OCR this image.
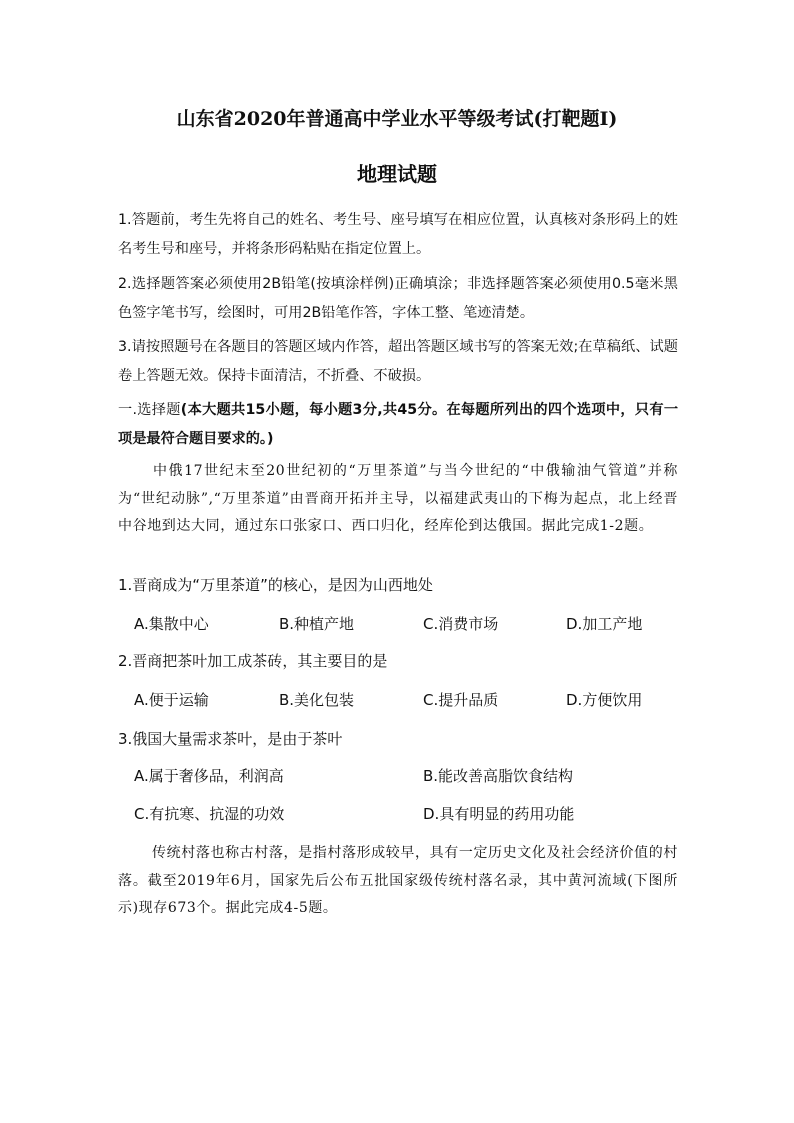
山东省2020年普通高中学业水平等级考试(打靶题Ⅰ)
地理试题
1.答题前，考生先将自己的姓名、考生号、座号填写在相应位置，认真核对条形码上的姓名考生号和座号，并将条形码粘贴在指定位置上。
2.选择题答案必须使用2B铅笔(按填涂样例)正确填涂；非选择题答案必须使用0.5毫米黑色签字笔书写，绘图时，可用2B铅笔作答，字体工整、笔迹清楚。
3.请按照题号在各题目的答题区域内作答，超出答题区域书写的答案无效;在草稿纸、试题卷上答题无效。保持卡面清洁，不折叠、不破损。
一.选择题(本大题共15小题，每小题3分,共45分。在每题所列出的四个选项中，只有一项是最符合题目要求的。)
中俄17世纪末至20世纪初的“万里茶道”与当今世纪的“中俄输油气管道”并称为“世纪动脉”,“万里茶道”由晋商开拓并主导，以福建武夷山的下梅为起点，北上经晋中谷地到达大同，通过东口张家口、西口归化，经库伦到达俄国。据此完成1-2题。
1.晋商成为“万里茶道”的核心，是因为山西地处
A.集散中心	B.种植产地	C.消费市场	D.加工产地
2.晋商把茶叶加工成茶砖，其主要目的是
A.便于运输	B.美化包装	C.提升品质	D.方便饮用
3.俄国大量需求茶叶，是由于茶叶
A.属于奢侈品，利润高	B.能改善高脂饮食结构
C.有抗寒、抗湿的功效	D.具有明显的药用功能
传统村落也称古村落，是指村落形成较早，具有一定历史文化及社会经济价值的村落。截至2019年6月，国家先后公布五批国家级传统村落名录，其中黄河流域(下图所示)现存673个。据此完成4-5题。
